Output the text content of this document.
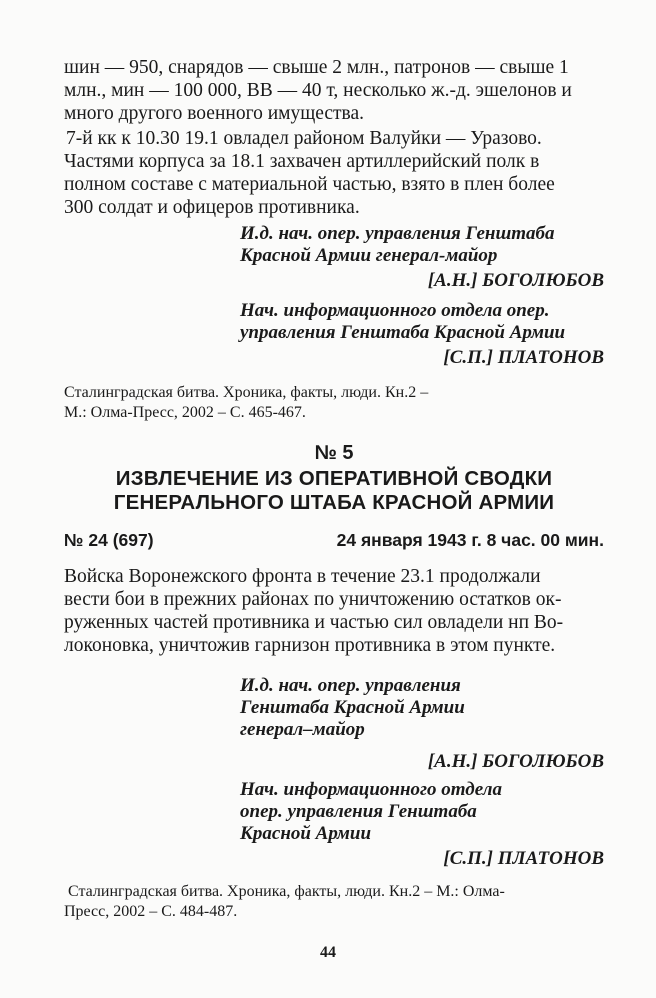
шин — 950, снарядов — свыше 2 млн., патронов — свыше 1
млн., мин — 100 000, ВВ — 40 т, несколько ж.-д. эшелонов и
много другого военного имущества.

7-й кк к 10.30 19.1 овладел районом Валуйки — Уразово.
Частями корпуса за 18.1 захвачен артиллерийский полк в
полном составе с материальной частью, взято в плен более
300 солдат и офицеров противника.

И.д. нач. опер. управления Генштаба
Красной Армии генерал-майор
[А.Н.] БОГОЛЮБОВ
Нач. информационного отдела опер.
управления Генштаба Красной Армии
[С.П.] ПЛАТОНОВ

Сталинградская битва. Хроника, факты, люди. Кн.2 –
М.: Олма-Пресс, 2002 – С. 465-467.

№ 5

ИЗВЛЕЧЕНИЕ ИЗ ОПЕРАТИВНОЙ СВОДКИ
ГЕНЕРАЛЬНОГО ШТАБА КРАСНОЙ АРМИИ

№ 24 (697)	24 января 1943 г. 8 час. 00 мин.

Войска Воронежского фронта в течение 23.1 продолжали
вести бои в прежних районах по уничтожению остатков ок-
руженных частей противника и частью сил овладели нп Во-
локоновка, уничтожив гарнизон противника в этом пункте.

И.д. нач. опер. управления
Генштаба Красной Армии
генерал–майор
[А.Н.] БОГОЛЮБОВ
Нач. информационного отдела
опер. управления Генштаба
Красной Армии
[С.П.] ПЛАТОНОВ

Сталинградская битва. Хроника, факты, люди. Кн.2 – М.: Олма-
Пресс, 2002 – С. 484-487.

44
